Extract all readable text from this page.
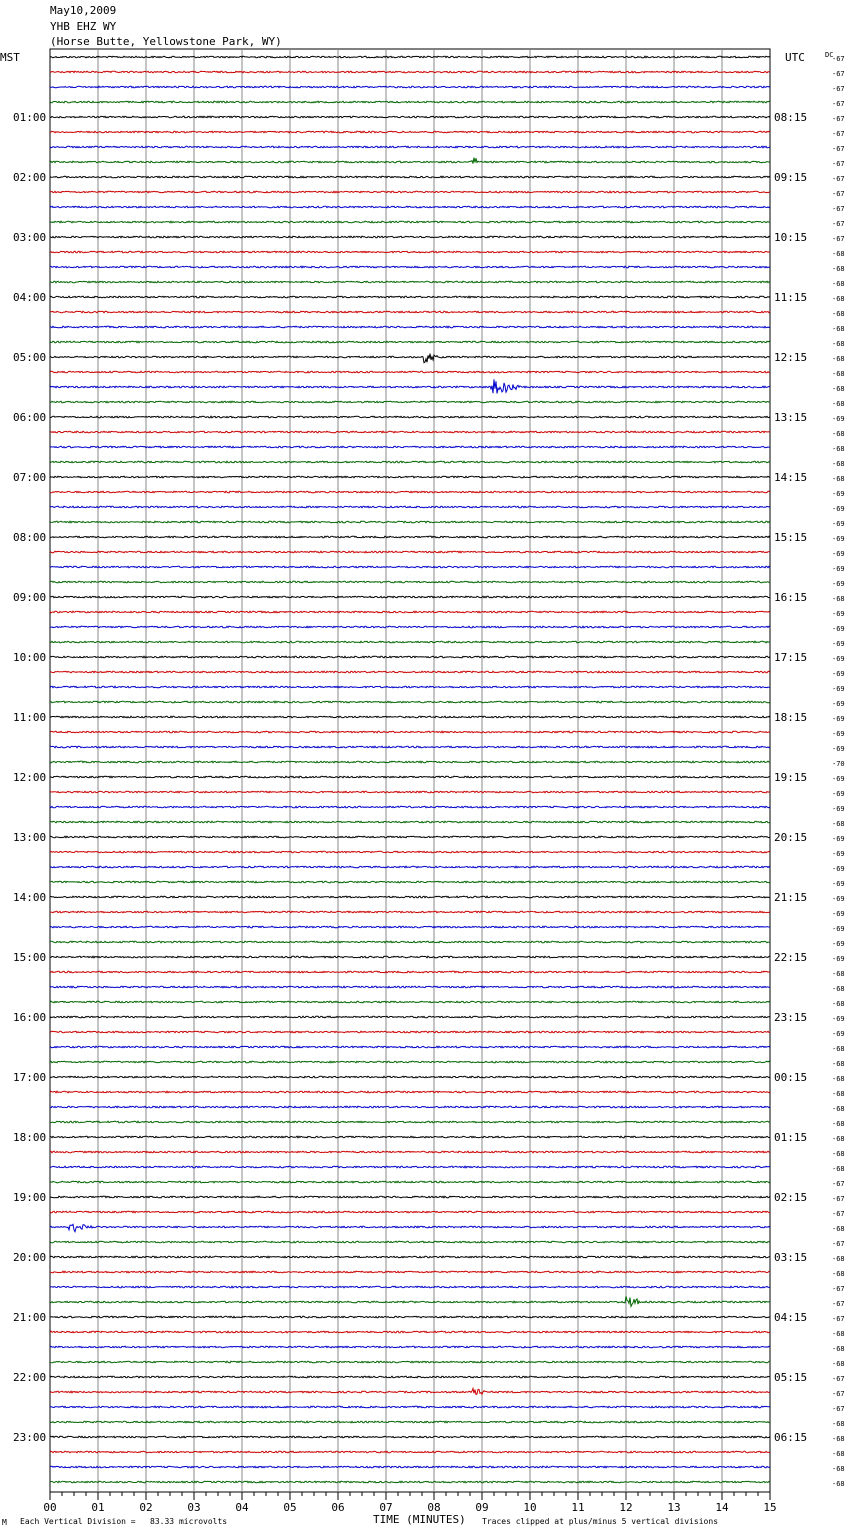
May10,2009
YHB EHZ WY
(Horse Butte, Yellowstone Park, WY)
01:00
02:00
03:00
04:00
05:00
06:00
07:00
08:00
09:00
10:00
11:00
12:00
13:00
14:00
15:00
16:00
17:00
18:00
19:00
20:00
21:00
22:00
23:00
08:15
09:15
10:15
11:15
12:15
13:15
14:15
15:15
16:15
17:15
18:15
19:15
20:15
21:15
22:15
23:15
00:15
01:15
02:15
03:15
04:15
05:15
06:15
-67
-67
-67
-67
-67
-67
-67
-67
-67
-67
-67
-67
-67
-68
-68
-68
-68
-68
-68
-68
-68
-68
-68
-68
-69
-68
-68
-68
-68
-69
-69
-69
-69
-69
-69
-69
-68
-69
-69
-69
-69
-69
-69
-69
-69
-69
-69
-70
-69
-69
-69
-68
-69
-69
-69
-69
-69
-69
-69
-69
-69
-68
-68
-68
-69
-69
-68
-68
-68
-68
-68
-68
-68
-68
-68
-67
-67
-67
-68
-67
-68
-68
-67
-67
-67
-68
-68
-68
-67
-67
-67
-68
-68
-68
-68
-68
00	01	02	03	04	05	06	07	08	09	10	11	12	13	14	15
MST	UTC	DC
M Each Vertical Division =   83.33 microvolts	TIME (MINUTES) Traces clipped at plus/minus 5 vertical divisions
